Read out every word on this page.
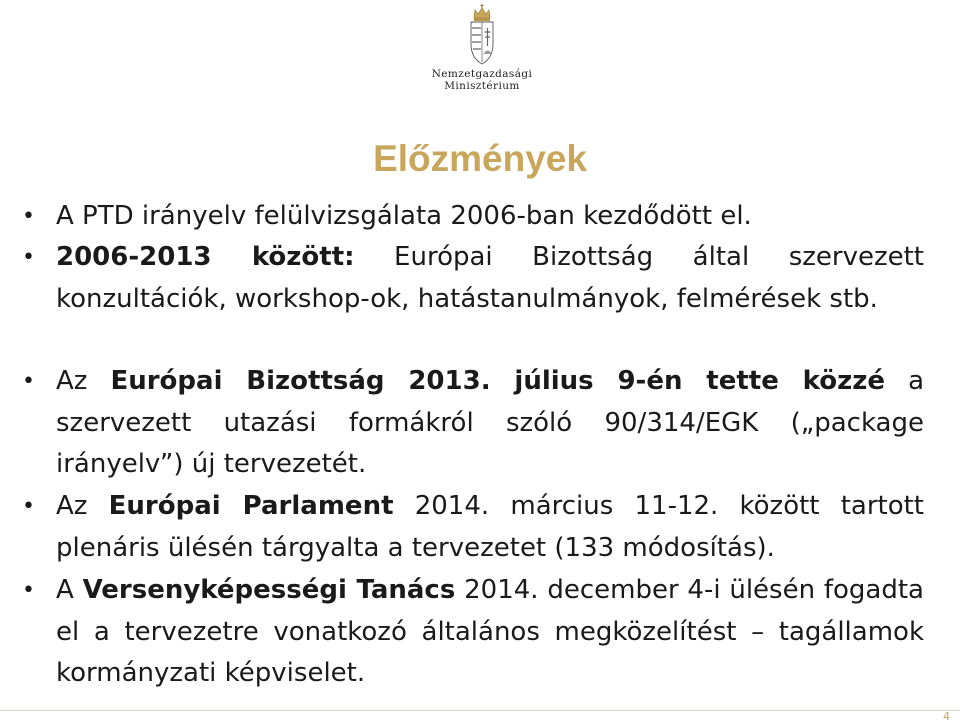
Nemzetgazdasági
Minisztérium
Előzmények
• A PTD irányelv felülvizsgálata 2006-ban kezdődött el.
• 2006-2013 között: Európai Bizottság által szervezett konzultációk, workshop-ok, hatástanulmányok, felmérések stb.
• Az Európai Bizottság 2013. július 9-én tette közzé a szervezett utazási formákról szóló 90/314/EGK („package irányelv”) új tervezetét.
• Az Európai Parlament 2014. március 11-12. között tartott plenáris ülésén tárgyalta a tervezetet (133 módosítás).
• A Versenyképességi Tanács 2014. december 4-i ülésén fogadta el a tervezetre vonatkozó általános megközelítést – tagállamok kormányzati képviselet.
4
